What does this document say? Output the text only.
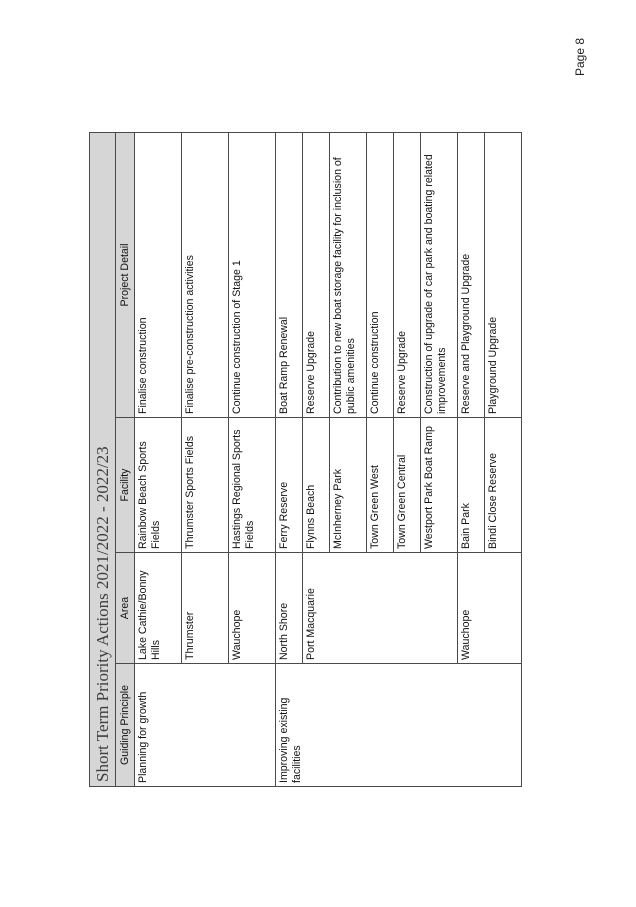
Page 8
Short Term Priority Actions 2021/2022 - 2022/23			
Guiding Principle	Area	Facility	Project Detail
Planning for growth	Lake Cathie/Bonny Hills	Rainbow Beach Sports Fields	Finalise construction
	Thrumster	Thrumster Sports Fields	Finalise pre-construction activities
	Wauchope	Hastings Regional Sports Fields	Continue construction of Stage 1
Improving existing facilities	North Shore	Ferry Reserve	Boat Ramp Renewal
	Port Macquarie	Flynns Beach	Reserve Upgrade
		McInherney Park	Contribution to new boat storage facility for inclusion of public amenities
		Town Green West	Continue construction
		Town Green Central	Reserve Upgrade
		Westport Park Boat Ramp	Construction of upgrade of car park and boating related improvements
	Wauchope	Bain Park	Reserve and Playground Upgrade
		Bindi Close Reserve	Playground Upgrade
